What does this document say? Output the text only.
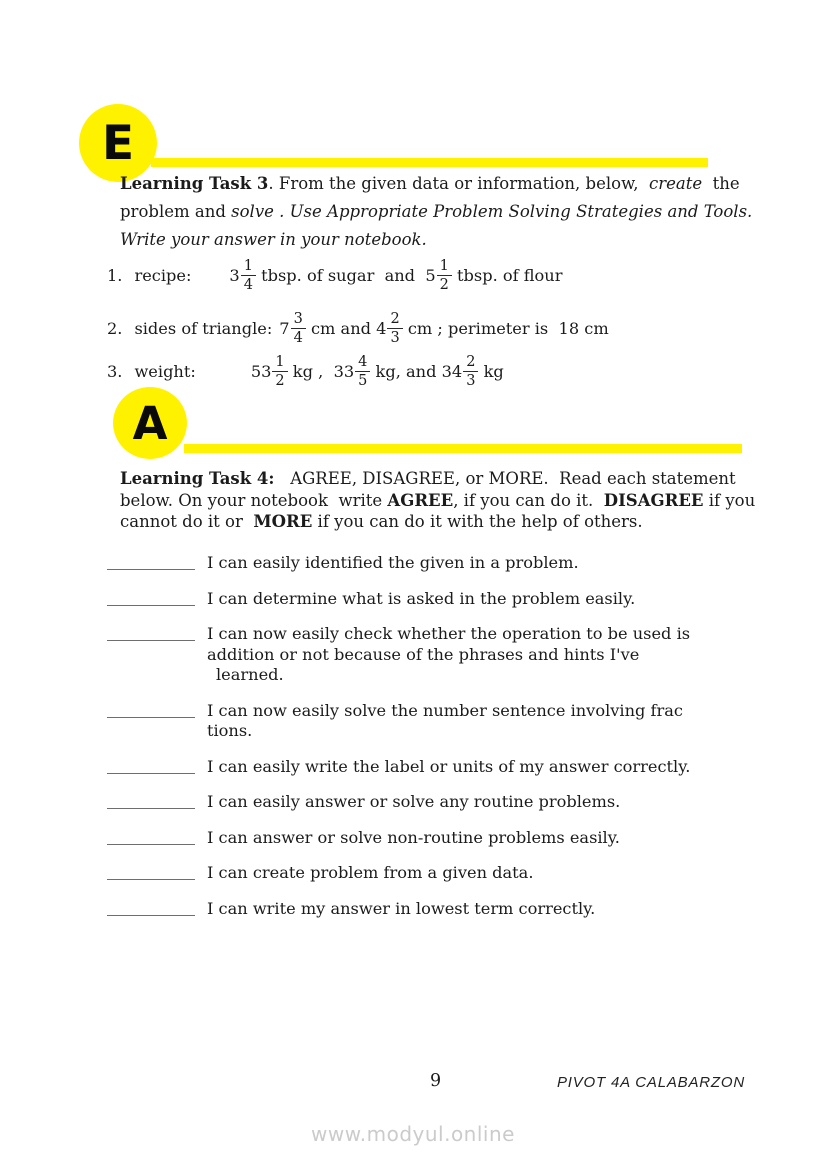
E
Learning Task 3. From the given data or information, below,  create  the
problem and solve . Use Appropriate Problem Solving Strategies and Tools.
Write your answer in your notebook.
1. recipe: 3 1
4 tbsp. of sugar  and 5 1
2 tbsp. of flour
2. sides of triangle: 7 3
4 cm and 4 2
3 cm ; perimeter is  18 cm
3. weight:	53 1
2 kg , 33 4
5 kg, and 34 2
3 kg
A
Learning Task 4:   AGREE, DISAGREE, or MORE.  Read each statement
below. On your notebook  write AGREE, if you can do it.  DISAGREE if you
cannot do it or  MORE if you can do it with the help of others.
I can easily identified the given in a problem.
I can determine what is asked in the problem easily.
I can now easily check whether the operation to be used is
addition or not because of the phrases and hints I've
learned.
I can now easily solve the number sentence involving frac
tions.
I can easily write the label or units of my answer correctly.
I can easily answer or solve any routine problems.
I can answer or solve non-routine problems easily.
I can create problem from a given data.
I can write my answer in lowest term correctly.
9	PIVOT 4A CALABARZON
www.modyul.online
